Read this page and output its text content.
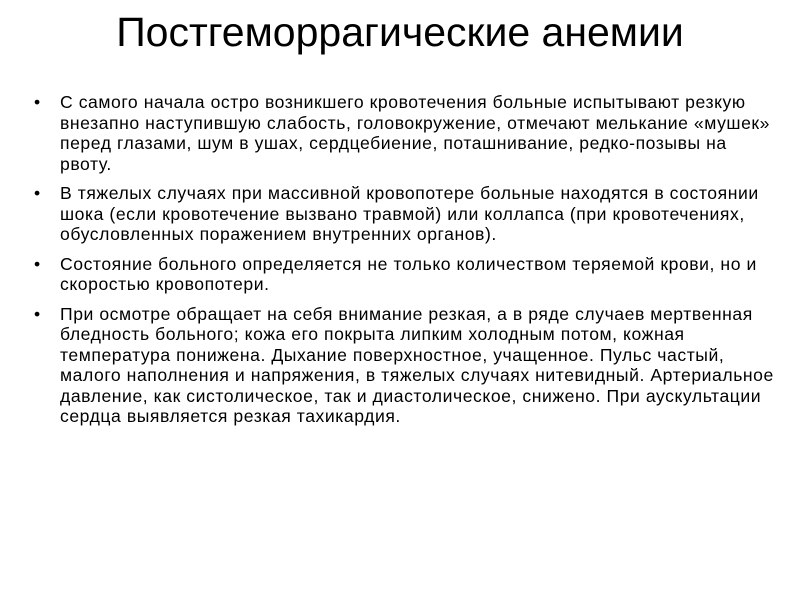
Постгеморрагические анемии
• С самого начала остро возникшего кровотечения больные испытывают резкую внезапно наступившую слабость, головокружение, отмечают мелькание «мушек» перед глазами, шум в ушах, сердцебиение, поташнивание, редко-позывы на рвоту.
• В тяжелых случаях при массивной кровопотере больные находятся в состоянии шока (если кровотечение вызвано травмой) или коллапса (при кровотечениях, обусловленных поражением внутренних органов).
• Состояние больного определяется не только количеством теряемой крови, но и скоростью кровопотери.
• При осмотре обращает на себя внимание резкая, а в ряде случаев мертвенная бледность больного; кожа его покрыта липким холодным потом, кожная температура понижена. Дыхание поверхностное, учащенное. Пульс частый, малого наполнения и напряжения, в тяжелых случаях нитевидный. Артериальное давление, как систолическое, так и диастолическое, снижено. При аускультации сердца выявляется резкая тахикардия.
